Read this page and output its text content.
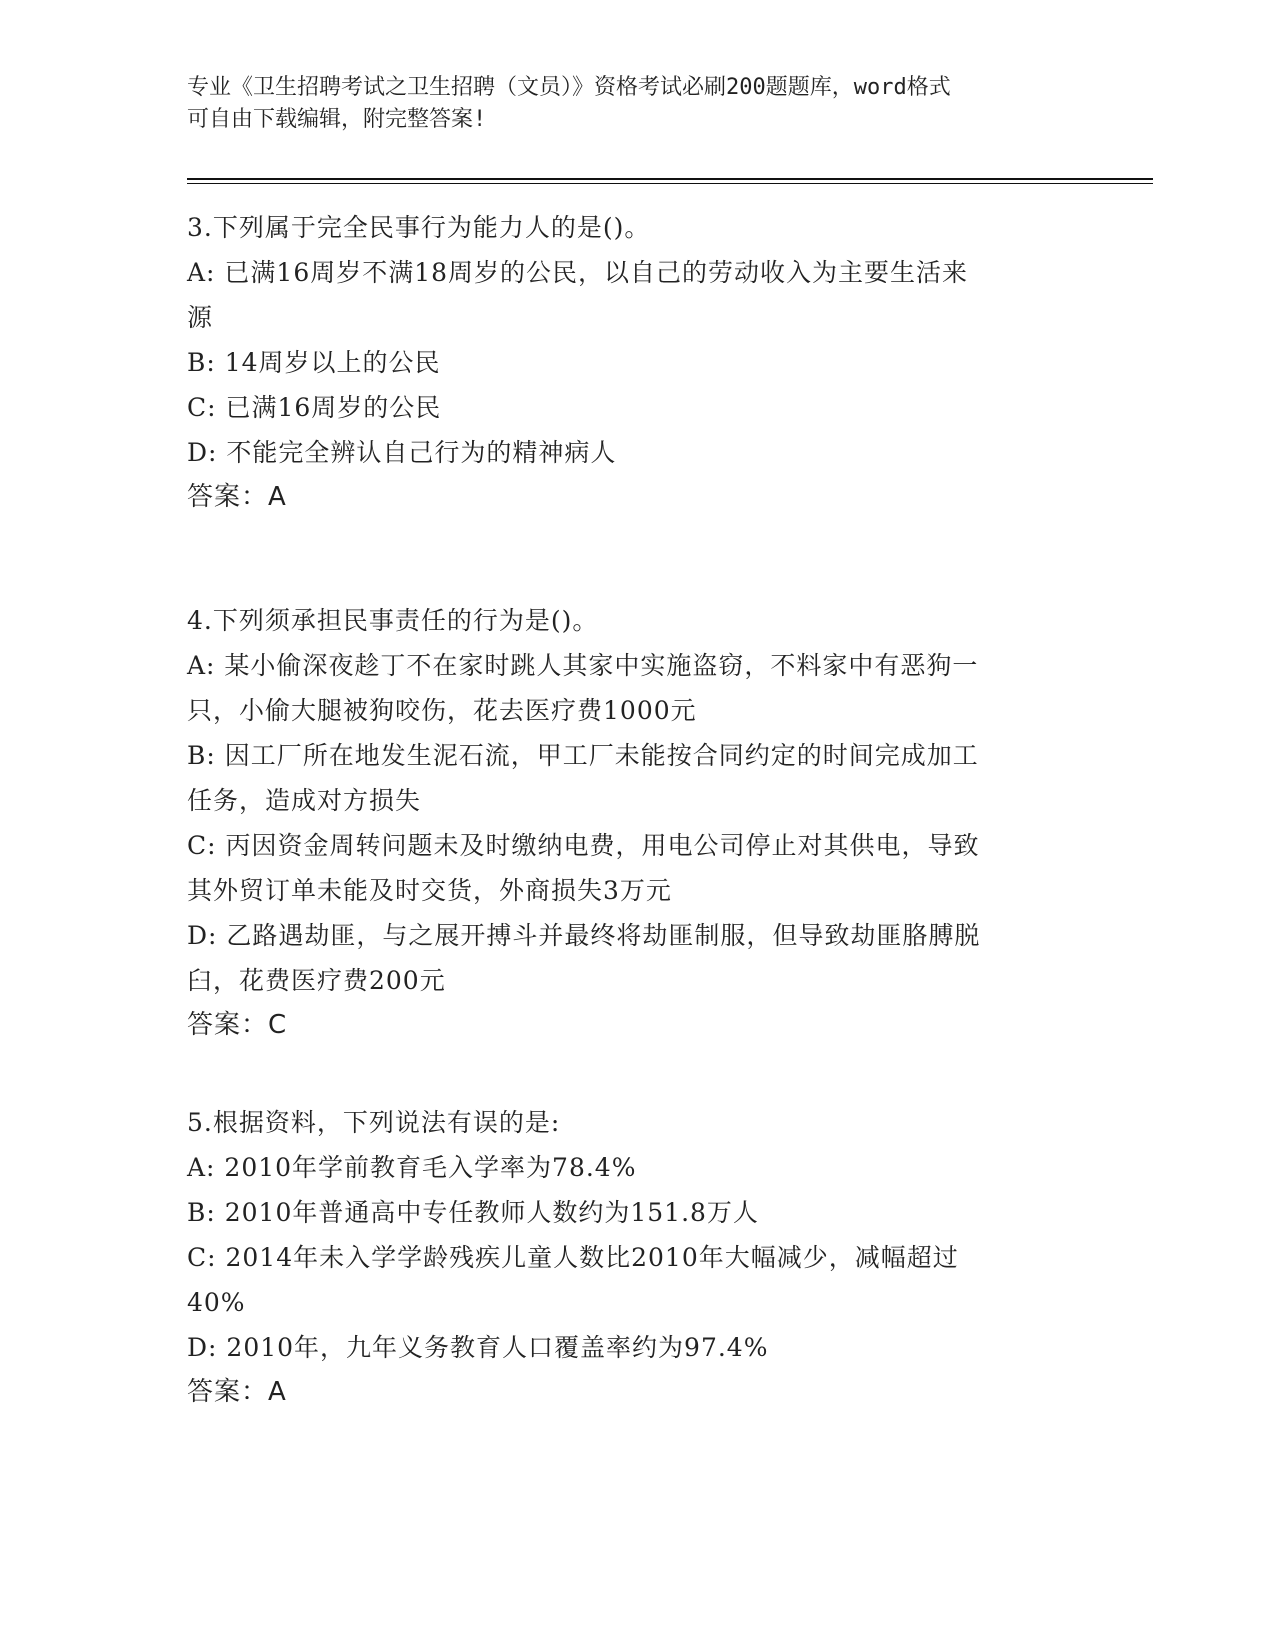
专业《卫生招聘考试之卫生招聘（文员）》资格考试必刷200题题库，word格式
可自由下载编辑，附完整答案!
3.下列属于完全民事行为能力人的是()。
A: 已满16周岁不满18周岁的公民，以自己的劳动收入为主要生活来
源
B: 14周岁以上的公民
C: 已满16周岁的公民
D: 不能完全辨认自己行为的精神病人
答案：A
4.下列须承担民事责任的行为是()。
A: 某小偷深夜趁丁不在家时跳人其家中实施盗窃，不料家中有恶狗一
只，小偷大腿被狗咬伤，花去医疗费1000元
B: 因工厂所在地发生泥石流，甲工厂未能按合同约定的时间完成加工
任务，造成对方损失
C: 丙因资金周转问题未及时缴纳电费，用电公司停止对其供电，导致
其外贸订单未能及时交货，外商损失3万元
D: 乙路遇劫匪，与之展开搏斗并最终将劫匪制服，但导致劫匪胳膊脱
臼，花费医疗费200元
答案：C
5.根据资料，下列说法有误的是:
A: 2010年学前教育毛入学率为78.4%
B: 2010年普通高中专任教师人数约为151.8万人
C: 2014年未入学学龄残疾儿童人数比2010年大幅减少，减幅超过
40%
D: 2010年，九年义务教育人口覆盖率约为97.4%
答案：A
